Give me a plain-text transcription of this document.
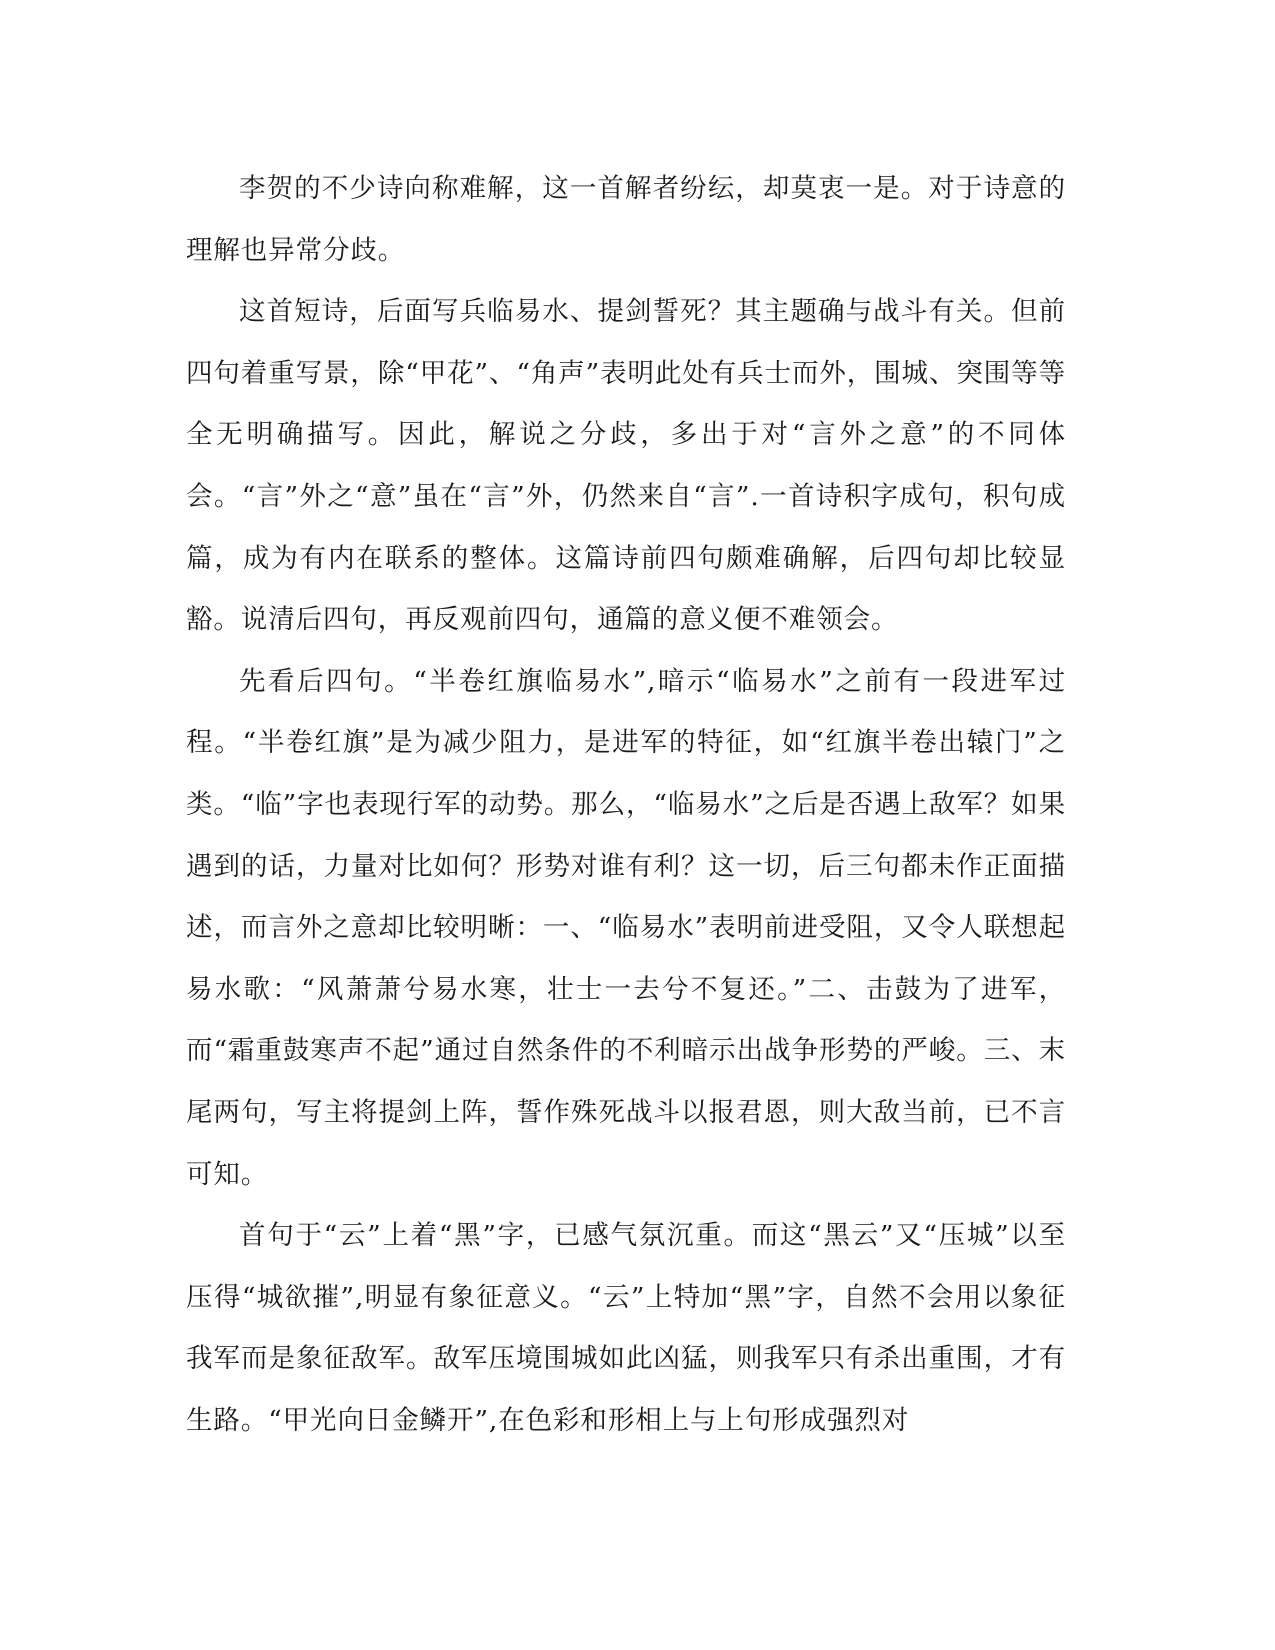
李贺的不少诗向称难解，这一首解者纷纭，却莫衷一是。对于诗意的理解也异常分歧。

这首短诗，后面写兵临易水、提剑誓死？其主题确与战斗有关。但前四句着重写景，除“甲花”、“角声”表明此处有兵士而外，围城、突围等等全无明确描写。因此，解说之分歧，多出于对“言外之意”的不同体会。“言”外之“意”虽在“言”外，仍然来自“言”.一首诗积字成句，积句成篇，成为有内在联系的整体。这篇诗前四句颇难确解，后四句却比较显豁。说清后四句，再反观前四句，通篇的意义便不难领会。

先看后四句。“半卷红旗临易水”,暗示“临易水”之前有一段进军过程。“半卷红旗”是为减少阻力，是进军的特征，如“红旗半卷出辕门”之类。“临”字也表现行军的动势。那么，“临易水”之后是否遇上敌军？如果遇到的话，力量对比如何？形势对谁有利？这一切，后三句都未作正面描述，而言外之意却比较明晰：一、“临易水”表明前进受阻，又令人联想起易水歌：“风萧萧兮易水寒，壮士一去兮不复还。”二、击鼓为了进军，而“霜重鼓寒声不起”通过自然条件的不利暗示出战争形势的严峻。三、末尾两句，写主将提剑上阵，誓作殊死战斗以报君恩，则大敌当前，已不言可知。

首句于“云”上着“黑”字，已感气氛沉重。而这“黑云”又“压城”以至压得“城欲摧”,明显有象征意义。“云”上特加“黑”字，自然不会用以象征我军而是象征敌军。敌军压境围城如此凶猛，则我军只有杀出重围，才有生路。“甲光向日金鳞开”,在色彩和形相上与上句形成强烈对
